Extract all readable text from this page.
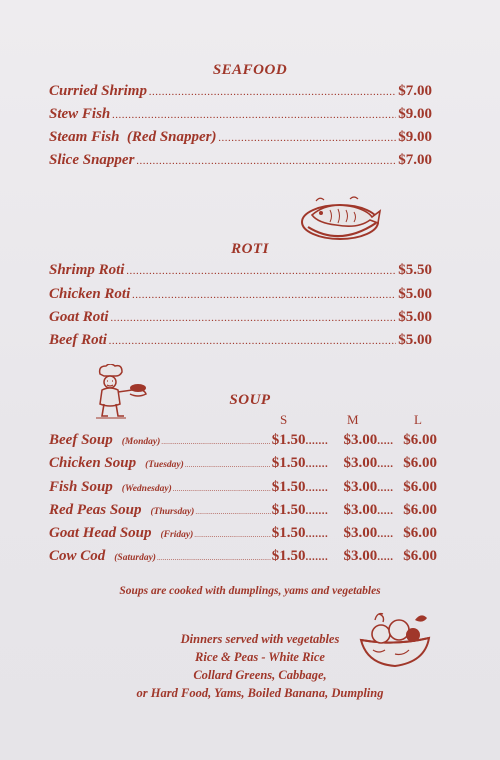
SEAFOOD
Curried Shrimp .....	$7.00
Stew Fish .....	$9.00
Steam Fish  (Red Snapper) .....	$9.00
Slice Snapper .....	$7.00
ROTI
Shrimp Roti .....	$5.50
Chicken Roti .....	$5.00
Goat Roti .....	$5.00
Beef Roti .....	$5.00
SOUP
S	M	L
Beef Soup (Monday) .....	$1.50 .......	$3.00 ..... $6.00
Chicken Soup (Tuesday) .....	$1.50 .......	$3.00 ..... $6.00
Fish Soup (Wednesday) .....	$1.50 .......	$3.00 ..... $6.00
Red Peas Soup (Thursday) .....	$1.50 .......	$3.00 ..... $6.00
Goat Head Soup (Friday) .....	$1.50 .......	$3.00 ..... $6.00
Cow Cod (Saturday) .....	$1.50 .......	$3.00 ..... $6.00
Soups are cooked with dumplings, yams and vegetables
Dinners served with vegetables
Rice & Peas - White Rice
Collard Greens, Cabbage,
or Hard Food, Yams, Boiled Banana, Dumpling
